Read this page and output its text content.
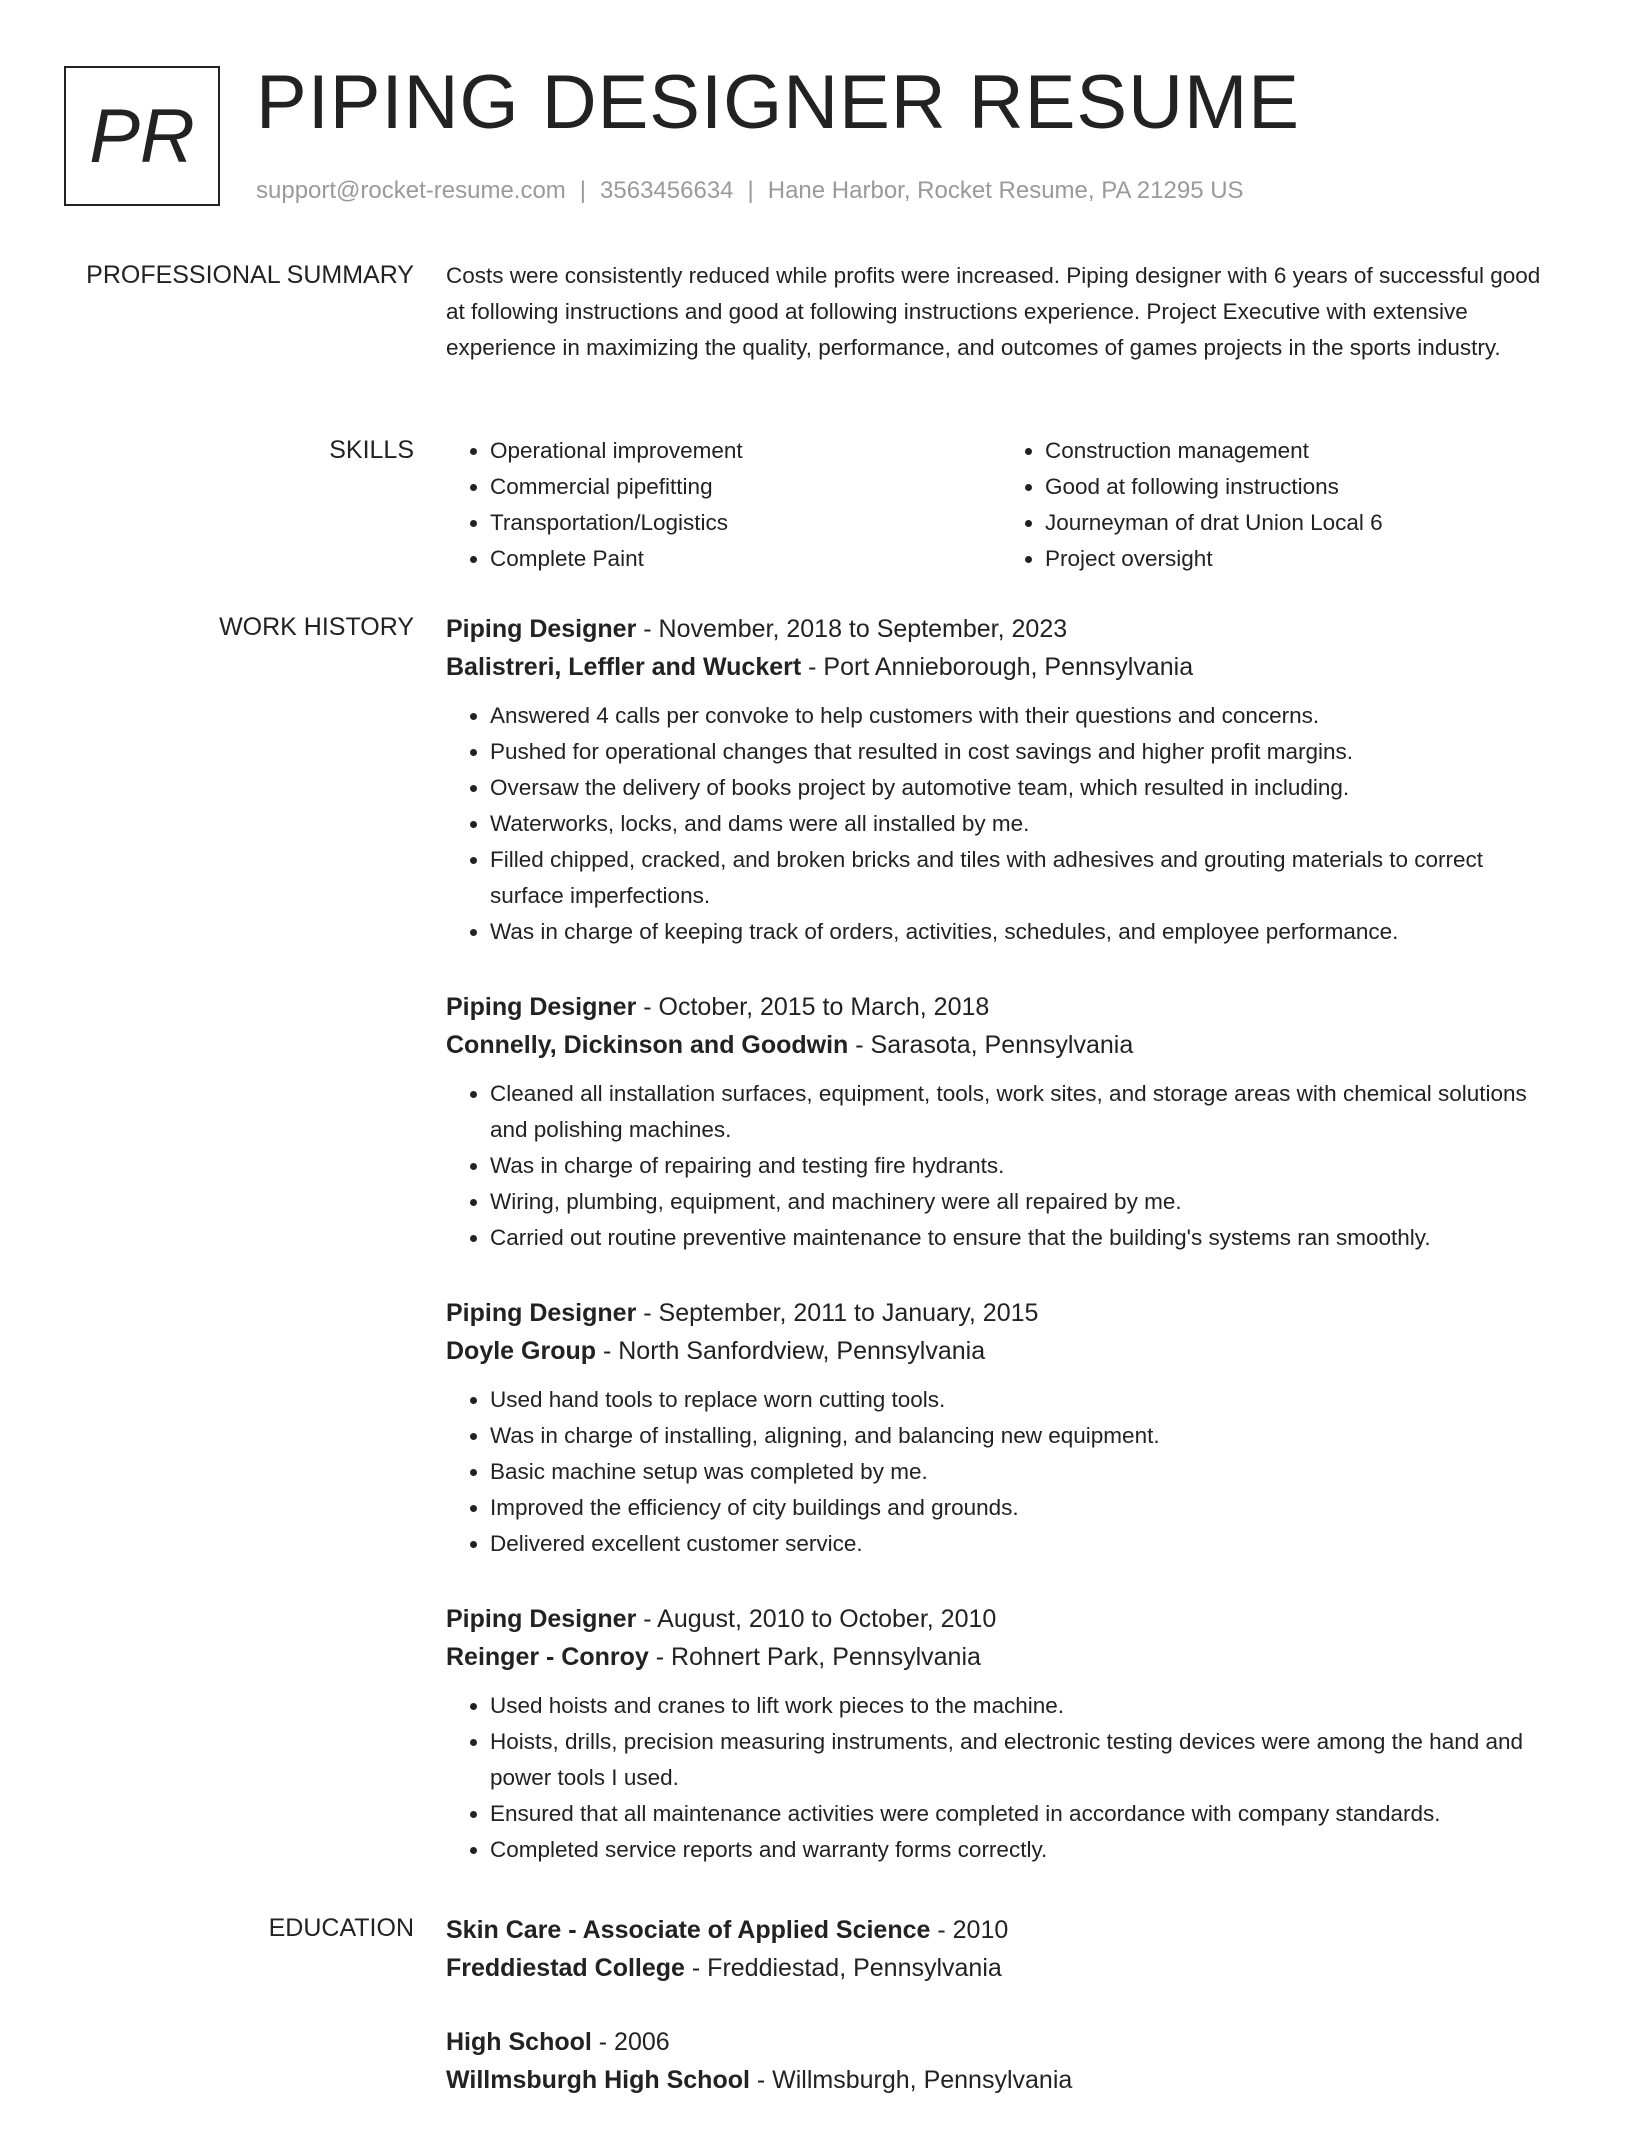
PR PIPING DESIGNER RESUME
support@rocket-resume.com | 3563456634 | Hane Harbor, Rocket Resume, PA 21295 US
PROFESSIONAL SUMMARY Costs were consistently reduced while profits were increased. Piping designer with 6 years of successful good at following instructions and good at following instructions experience. Project Executive with extensive experience in maximizing the quality, performance, and outcomes of games projects in the sports industry.

SKILLS
•	Operational improvement
• Commercial pipefitting
• Transportation/Logistics
• Complete Paint
• Construction management
• Good at following instructions
• Journeyman of drat Union Local 6
• Project oversight
WORK HISTORY Piping Designer - November, 2018 to September, 2023
Balistreri, Leffler and Wuckert - Port Annieborough, Pennsylvania
• Answered 4 calls per convoke to help customers with their questions and concerns.
• Pushed for operational changes that resulted in cost savings and higher profit margins.
• Oversaw the delivery of books project by automotive team, which resulted in including.
• Waterworks, locks, and dams were all installed by me.
• Filled chipped, cracked, and broken bricks and tiles with adhesives and grouting materials to correct surface imperfections.
• Was in charge of keeping track of orders, activities, schedules, and employee performance.
Piping Designer - October, 2015 to March, 2018
Connelly, Dickinson and Goodwin - Sarasota, Pennsylvania
• Cleaned all installation surfaces, equipment, tools, work sites, and storage areas with chemical solutions and polishing machines.
• Was in charge of repairing and testing fire hydrants.
• Wiring, plumbing, equipment, and machinery were all repaired by me.
• Carried out routine preventive maintenance to ensure that the building's systems ran smoothly.
Piping Designer - September, 2011 to January, 2015
Doyle Group - North Sanfordview, Pennsylvania
• Used hand tools to replace worn cutting tools.
• Was in charge of installing, aligning, and balancing new equipment.
• Basic machine setup was completed by me.
• Improved the efficiency of city buildings and grounds.
• Delivered excellent customer service.
Piping Designer - August, 2010 to October, 2010
Reinger - Conroy - Rohnert Park, Pennsylvania
• Used hoists and cranes to lift work pieces to the machine.
• Hoists, drills, precision measuring instruments, and electronic testing devices were among the hand and power tools I used.
• Ensured that all maintenance activities were completed in accordance with company standards.
• Completed service reports and warranty forms correctly.
EDUCATION Skin Care - Associate of Applied Science - 2010
Freddiestad College - Freddiestad, Pennsylvania
High School - 2006
Willmsburgh High School - Willmsburgh, Pennsylvania
